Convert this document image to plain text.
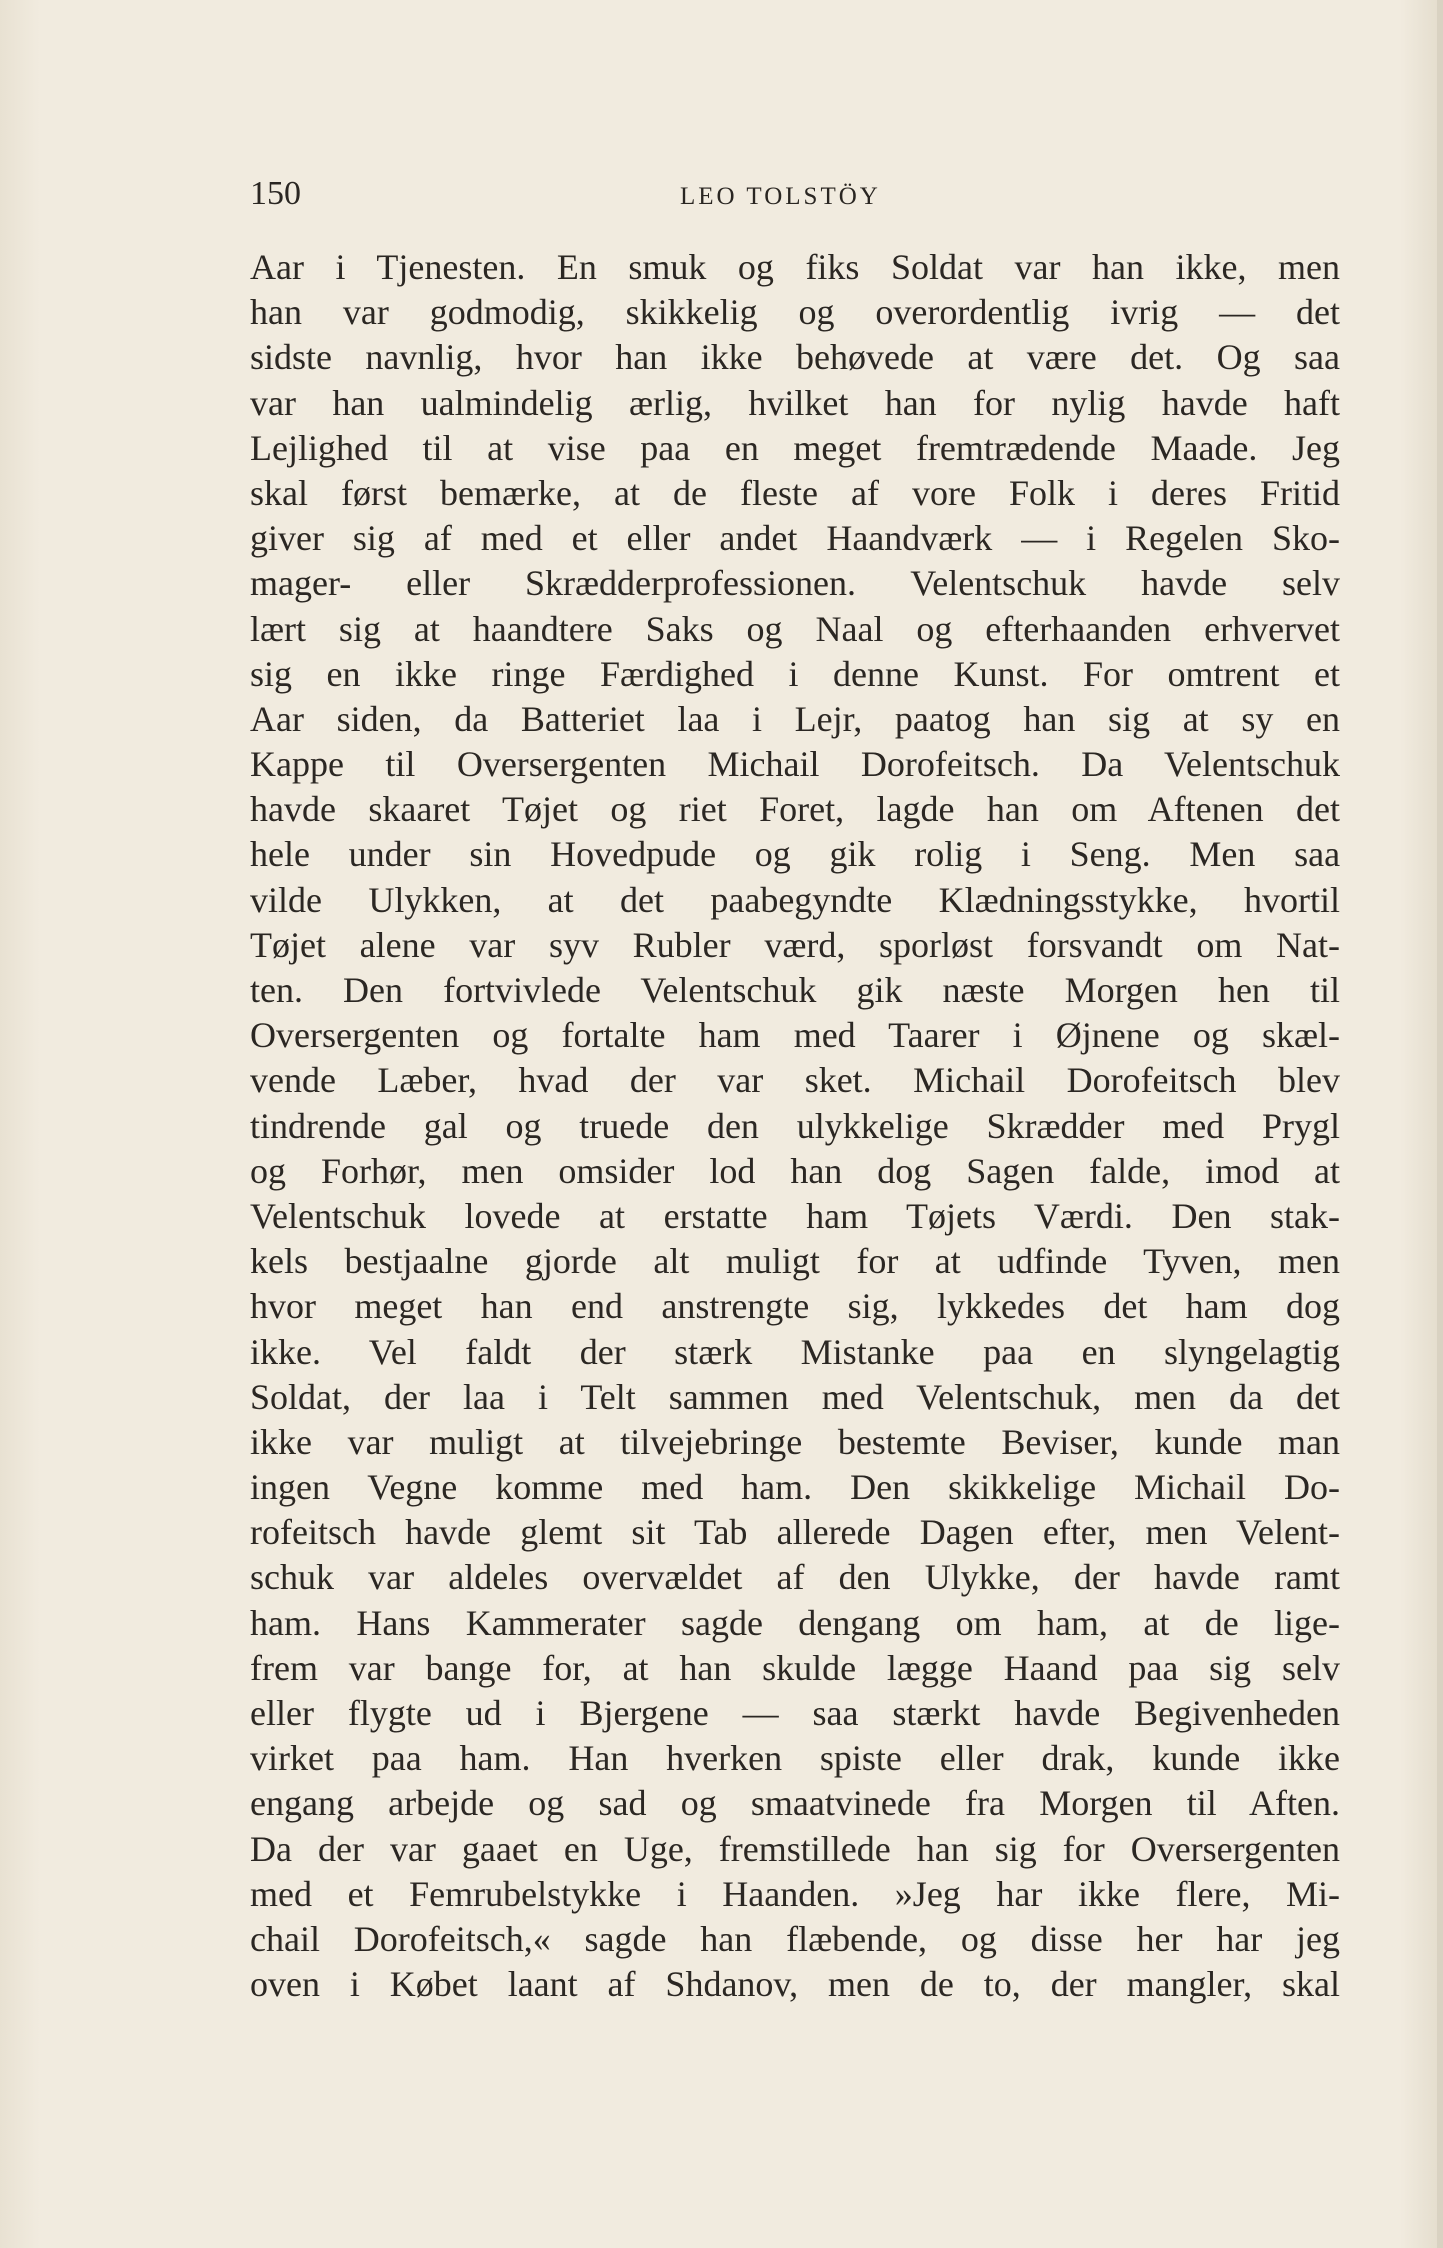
150	LEO TOLSTÖY
Aar i Tjenesten. En smuk og fiks Soldat var han ikke, men
han var godmodig, skikkelig og overordentlig ivrig — det
sidste navnlig, hvor han ikke behøvede at være det. Og saa
var han ualmindelig ærlig, hvilket han for nylig havde haft
Lejlighed til at vise paa en meget fremtrædende Maade. Jeg
skal først bemærke, at de fleste af vore Folk i deres Fritid
giver sig af med et eller andet Haandværk — i Regelen Sko-
mager- eller Skrædderprofessionen. Velentschuk havde selv
lært sig at haandtere Saks og Naal og efterhaanden erhvervet
sig en ikke ringe Færdighed i denne Kunst. For omtrent et
Aar siden, da Batteriet laa i Lejr, paatog han sig at sy en
Kappe til Oversergenten Michail Dorofeitsch. Da Velentschuk
havde skaaret Tøjet og riet Foret, lagde han om Aftenen det
hele under sin Hovedpude og gik rolig i Seng. Men saa
vilde Ulykken, at det paabegyndte Klædningsstykke, hvortil
Tøjet alene var syv Rubler værd, sporløst forsvandt om Nat-
ten. Den fortvivlede Velentschuk gik næste Morgen hen til
Oversergenten og fortalte ham med Taarer i Øjnene og skæl-
vende Læber, hvad der var sket. Michail Dorofeitsch blev
tindrende gal og truede den ulykkelige Skrædder med Prygl
og Forhør, men omsider lod han dog Sagen falde, imod at
Velentschuk lovede at erstatte ham Tøjets Værdi. Den stak-
kels bestjaalne gjorde alt muligt for at udfinde Tyven, men
hvor meget han end anstrengte sig, lykkedes det ham dog
ikke. Vel faldt der stærk Mistanke paa en slyngelagtig
Soldat, der laa i Telt sammen med Velentschuk, men da det
ikke var muligt at tilvejebringe bestemte Beviser, kunde man
ingen Vegne komme med ham. Den skikkelige Michail Do-
rofeitsch havde glemt sit Tab allerede Dagen efter, men Velent-
schuk var aldeles overvældet af den Ulykke, der havde ramt
ham. Hans Kammerater sagde dengang om ham, at de lige-
frem var bange for, at han skulde lægge Haand paa sig selv
eller flygte ud i Bjergene — saa stærkt havde Begivenheden
virket paa ham. Han hverken spiste eller drak, kunde ikke
engang arbejde og sad og smaatvinede fra Morgen til Aften.
Da der var gaaet en Uge, fremstillede han sig for Oversergenten
med et Femrubelstykke i Haanden. »Jeg har ikke flere, Mi-
chail Dorofeitsch,« sagde han flæbende, og disse her har jeg
oven i Købet laant af Shdanov, men de to, der mangler, skal
